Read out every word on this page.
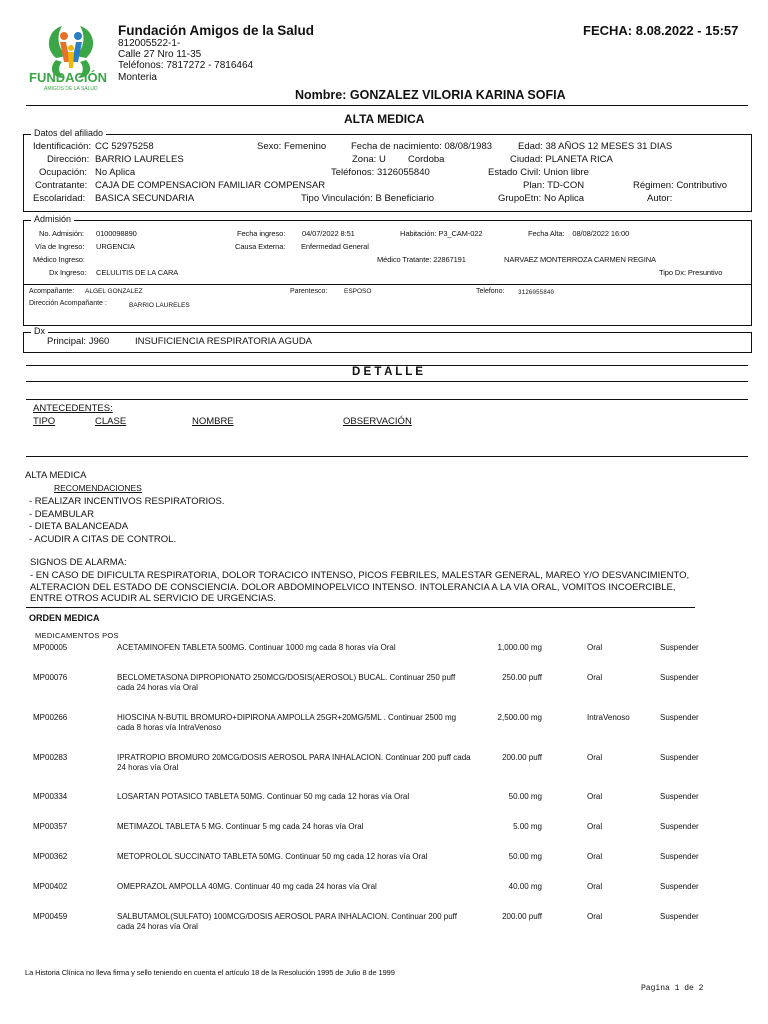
FUNDACIÓN
AMIGOS DE LA SALUD
Fundación Amigos de la Salud
812005522-1-
Calle 27 Nro 11-35
Teléfonos: 7817272 - 7816464
Monteria
FECHA: 8.08.2022 - 15:57
Nombre: GONZALEZ VILORIA KARINA SOFIA
ALTA MEDICA
Datos del afiliado
Identificación: CC 52975258	Sexo: Femenino	Fecha de nacimiento: 08/08/1983	Edad: 38 AÑOS 12 MESES 31 DIAS
Dirección: BARRIO LAURELES	Zona: U Cordoba	Ciudad: PLANETA RICA
Ocupación: No Aplica	Teléfonos: 3126055840	Estado Civil: Union libre
Contratante: CAJA DE COMPENSACION FAMILIAR COMPENSAR	Plan: TD-CON	Régimen: Contributivo
Escolaridad: BASICA SECUNDARIA	Tipo Vinculación: B Beneficiario	GrupoEtn: No Aplica	Autor:
Admisión
No. Admisión: 0100098890	Fecha ingreso: 04/07/2022 8:51	Habitación: P3_CAM-022	Fecha Alta: 08/08/2022 16:00
Vía de Ingreso: URGENCIA	Causa Externa: Enfermedad General
Médico Ingreso:	Médico Tratante: 22867191	NARVAEZ MONTERROZA CARMEN REGINA
Dx Ingreso: CELULITIS DE LA CARA	Tipo Dx: Presuntivo
Acompañante: ALGEL GONZALEZ	Parentesco:	ESPOSO	Telefono: 3126055840
Dirección Acompañante :	BARRIO LAURELES
Dx
Principal: J960	INSUFICIENCIA RESPIRATORIA AGUDA
D E T A L L E
ANTECEDENTES:
TIPO	CLASE	NOMBRE	OBSERVACIÓN
ALTA MEDICA
RECOMENDACIONES
- REALIZAR INCENTIVOS RESPIRATORIOS.
- DEAMBULAR
- DIETA BALANCEADA
- ACUDIR A CITAS DE CONTROL.
SIGNOS DE ALARMA:
- EN CASO DE DIFICULTA RESPIRATORIA, DOLOR TORACICO INTENSO, PICOS FEBRILES, MALESTAR GENERAL, MAREO Y/O DESVANCIMIENTO,
ALTERACION DEL ESTADO DE CONSCIENCIA. DOLOR ABDOMINOPELVICO INTENSO. INTOLERANCIA A LA VIA ORAL, VOMITOS INCOERCIBLE,
ENTRE OTROS ACUDIR AL SERVICIO DE URGENCIAS.
ORDEN MEDICA
MEDICAMENTOS POS
MP00005	ACETAMINOFEN TABLETA 500MG. Continuar 1000 mg cada 8 horas vía Oral	1,000.00 mg	Oral	Suspender
MP00076	BECLOMETASONA DIPROPIONATO 250MCG/DOSIS(AEROSOL) BUCAL. Continuar 250 puff cada 24 horas vía Oral
250.00 puff	Oral	Suspender
MP00266	HIOSCINA N-BUTIL BROMURO+DIPIRONA AMPOLLA 25GR+20MG/5ML . Continuar 2500 mg cada 8 horas vía IntraVenoso
2,500.00 mg	IntraVenoso	Suspender
MP00283	IPRATROPIO BROMURO 20MCG/DOSIS AEROSOL PARA INHALACION. Continuar 200 puff cada 24 horas vía Oral
200.00 puff	Oral	Suspender
MP00334	LOSARTAN POTASICO TABLETA 50MG. Continuar 50 mg cada 12 horas vía Oral	50.00 mg	Oral	Suspender
MP00357	METIMAZOL TABLETA 5 MG. Continuar 5 mg cada 24 horas vía Oral	5.00 mg	Oral	Suspender
MP00362	METOPROLOL SUCCINATO TABLETA 50MG. Continuar 50 mg cada 12 horas vía Oral	50.00 mg	Oral	Suspender
MP00402	OMEPRAZOL AMPOLLA 40MG. Continuar 40 mg cada 24 horas vía Oral	40.00 mg	Oral	Suspender
MP00459	SALBUTAMOL(SULFATO) 100MCG/DOSIS AEROSOL PARA INHALACION. Continuar 200 puff cada 24 horas vía Oral
200.00 puff	Oral	Suspender
La Historia Clínica no lleva firma y sello teniendo en cuenta el artículo 18 de la Resolución 1995 de Julio 8 de 1999
Pagina 1 de 2
